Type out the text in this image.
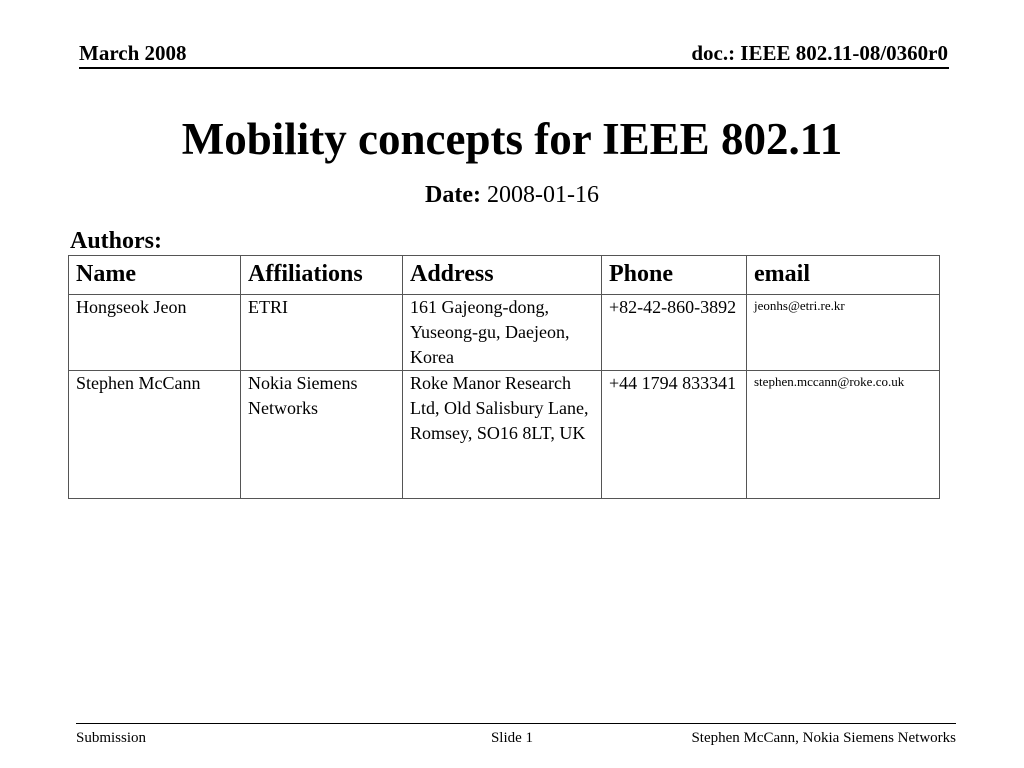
March 2008	doc.: IEEE 802.11-08/0360r0
Mobility concepts for IEEE 802.11
Date: 2008-01-16
Authors:
Name	Affiliations	Address	Phone	email
Hongseok Jeon	ETRI	161 Gajeong-dong, Yuseong-gu, Daejeon, Korea	+82-42-860-3892	jeonhs@etri.re.kr
Stephen McCann	Nokia Siemens Networks	Roke Manor Research Ltd, Old Salisbury Lane, Romsey, SO16 8LT, UK	+44 1794 833341	stephen.mccann@roke.co.uk
Submission	Slide 1	Stephen McCann, Nokia Siemens Networks
